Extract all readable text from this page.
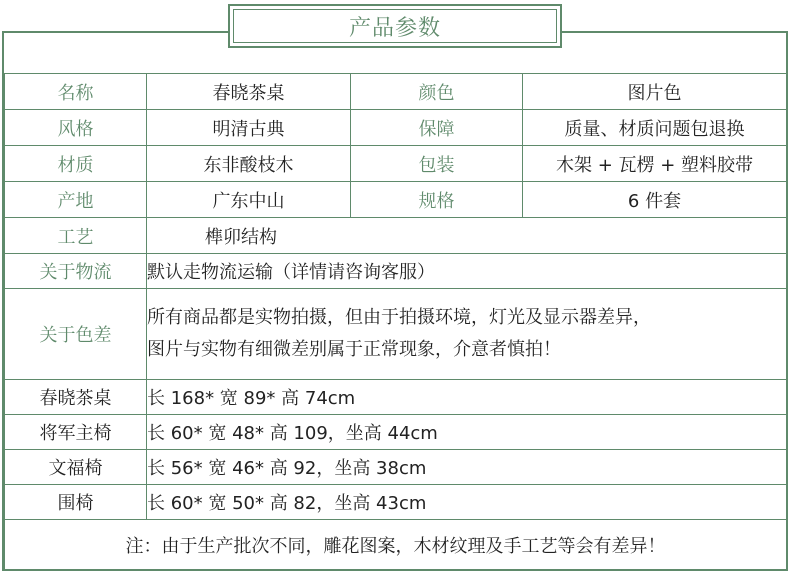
产品参数
名称	春晓茶桌	颜色	图片色
风格	明清古典	保障	质量、材质问题包退换
材质	东非酸枝木	包装	木架 + 瓦楞 + 塑料胶带
产地	广东中山	规格	6 件套
工艺	榫卯结构		
关于物流	默认走物流运输（详情请咨询客服）		
关于色差	所有商品都是实物拍摄，但由于拍摄环境，灯光及显示器差异，
图片与实物有细微差别属于正常现象，介意者慎拍！		

春晓茶桌	长 168* 宽 89* 高 74cm		
将军主椅	长 60* 宽 48* 高 109，坐高 44cm		
文福椅	长 56* 宽 46* 高 92，坐高 38cm		
围椅	长 60* 宽 50* 高 82，坐高 43cm		
注：由于生产批次不同，雕花图案，木材纹理及手工艺等会有差异！			
